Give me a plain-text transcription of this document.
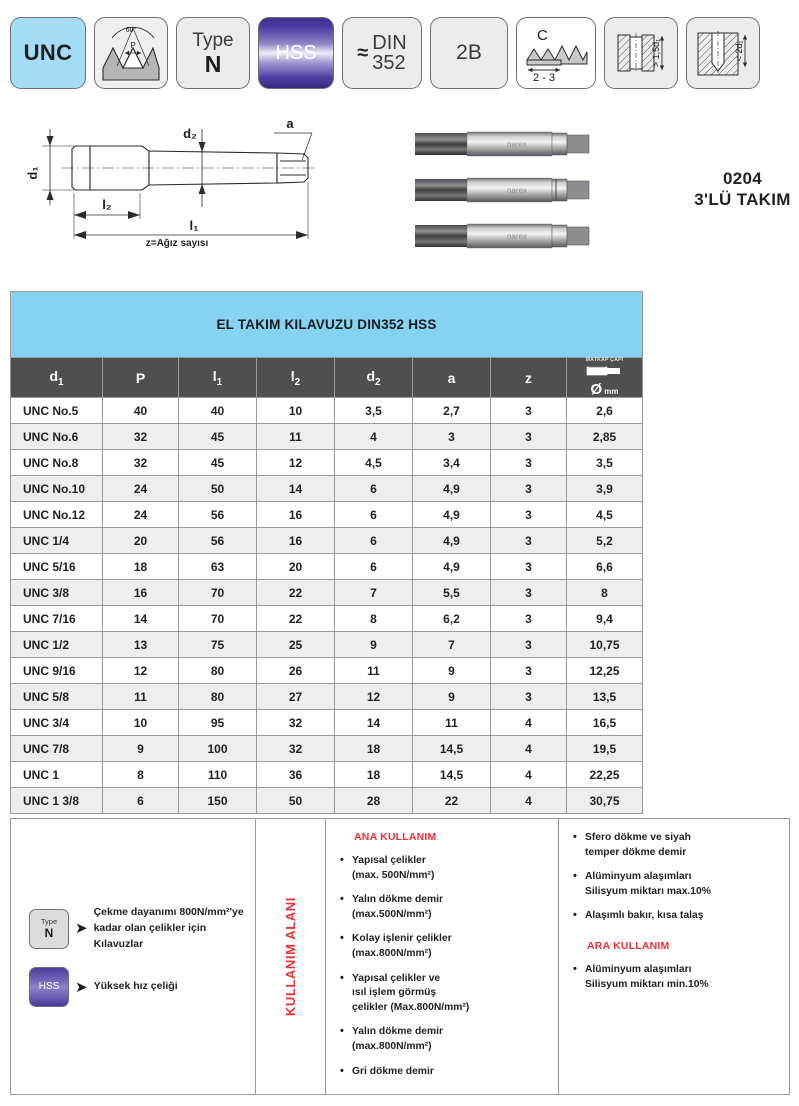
UNC
60°
P	Type
N	HSS ≈ DIN
352 2B
C
2 - 3
> 1,5d₁	< 2d₁
d₁
d₂
a
l₂
l₁
z=Ağız sayısı
narex
narex
narex
0204
3'LÜ TAKIM
EL TAKIM KILAVUZU DIN352 HSS							
$d_1$	P	$l_1$	$l_2$	$d_2$	a	z	MATKAP ÇAPI
Ø mm

UNC No.5	40	40	10	3,5	2,7	3	2,6
UNC No.6	32	45	11	4	3	3	2,85
UNC No.8	32	45	12	4,5	3,4	3	3,5
UNC No.10	24	50	14	6	4,9	3	3,9
UNC No.12	24	56	16	6	4,9	3	4,5
UNC 1/4	20	56	16	6	4,9	3	5,2
UNC 5/16	18	63	20	6	4,9	3	6,6
UNC 3/8	16	70	22	7	5,5	3	8
UNC 7/16	14	70	22	8	6,2	3	9,4
UNC 1/2	13	75	25	9	7	3	10,75
UNC 9/16	12	80	26	11	9	3	12,25
UNC 5/8	11	80	27	12	9	3	13,5
UNC 3/4	10	95	32	14	11	4	16,5
UNC 7/8	9	100	32	18	14,5	4	19,5
UNC 1	8	110	36	18	14,5	4	22,25
UNC 1 3/8	6	150	50	28	22	4	30,75
Type
N ➤
Çekme dayanımı 800N/mm²'ye
kadar olan çelikler için Kılavuzlar
HSS ➤ Yüksek hız çeliği	KULLANIM ALANI
ANA KULLANIM
• Yapısal çelikler
(max. 500N/mm²)
• Yalın dökme demir
(max.500N/mm²)
• Kolay işlenir çelikler
(max.800N/mm²)
• Yapısal çelikler ve
ısıl işlem görmüş
çelikler (Max.800N/mm²)
• Yalın dökme demir
(max.800N/mm²)
• Gri dökme demir
• Sfero dökme ve siyah
temper dökme demir
• Alüminyum alaşımları
Silisyum miktarı max.10%
• Alaşımlı bakır, kısa talaş
ARA KULLANIM
• Alüminyum alaşımları
Silisyum miktarı min.10%
